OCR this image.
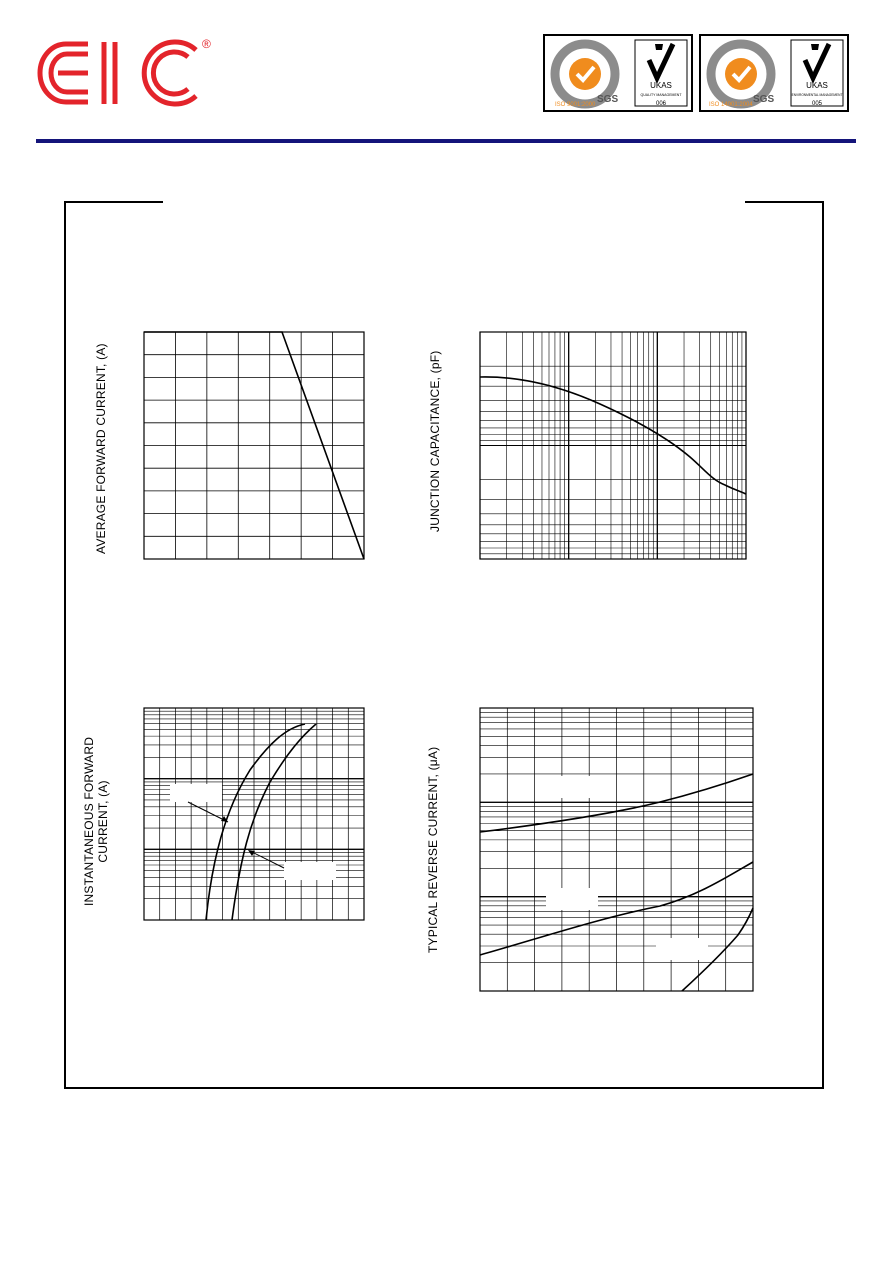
®
SGS
ISO 9001:2000
UKAS
QUALITY MANAGEMENT
006	SGS
ISO 14001:2004
UKAS
ENVIRONMENTAL MANAGEMENT
005
AVERAGE FORWARD CURRENT, (A)	JUNCTION CAPACITANCE, (pF)
INSTANTANEOUS FORWARD CURRENT, (A)	TYPICAL REVERSE CURRENT, (μA)
